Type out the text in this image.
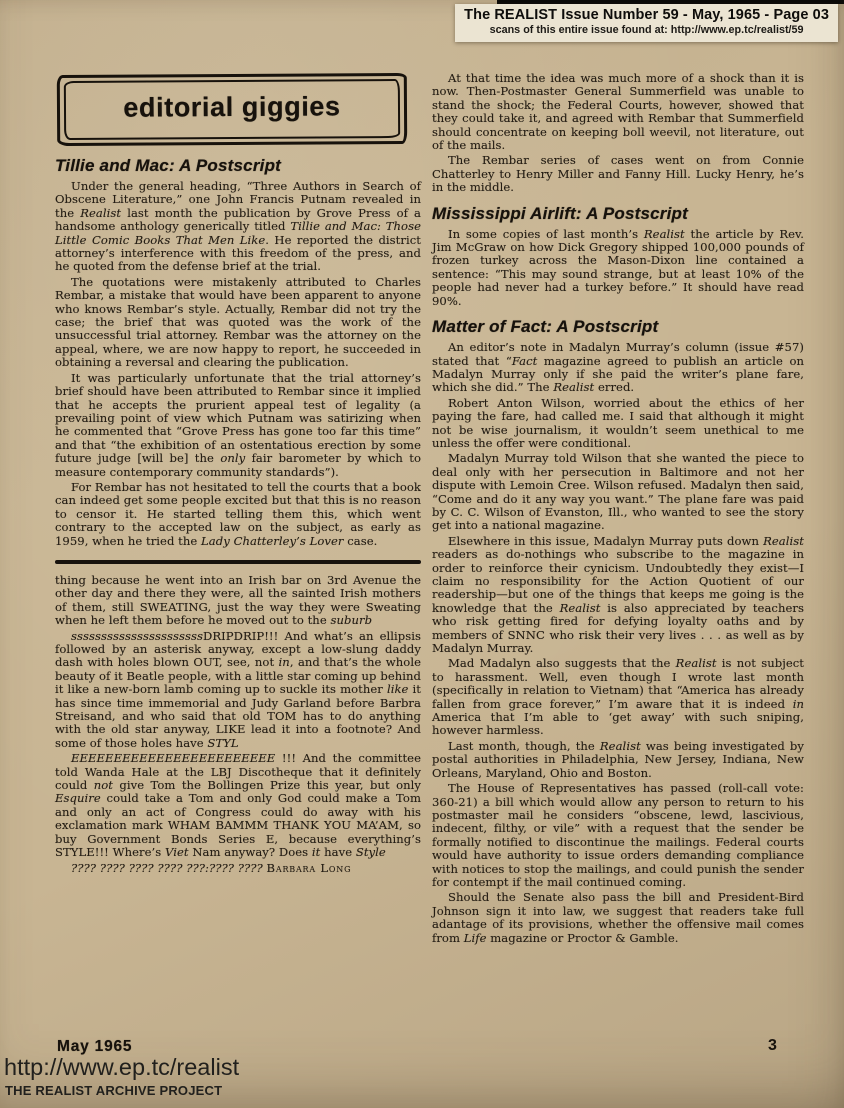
The REALIST Issue Number 59 - May, 1965 - Page 03
scans of this entire issue found at: http://www.ep.tc/realist/59
editorial giggies
Tillie and Mac: A Postscript

Under the general heading, “Three Authors in Search of Obscene Literature,” one John Francis Putnam revealed in the Realist last month the publication by Grove Press of a handsome anthology generically titled Tillie and Mac: Those Little Comic Books That Men Like. He reported the district attorney’s interference with this freedom of the press, and he quoted from the defense brief at the trial.

The quotations were mistakenly attributed to Charles Rembar, a mistake that would have been apparent to anyone who knows Rembar’s style. Actually, Rembar did not try the case; the brief that was quoted was the work of the unsuccessful trial attorney. Rembar was the attorney on the appeal, where, we are now happy to report, he succeeded in obtaining a reversal and clearing the publication.

It was particularly unfortunate that the trial attorney’s brief should have been attributed to Rembar since it implied that he accepts the prurient appeal test of legality (a prevailing point of view which Putnam was satirizing when he commented that “Grove Press has gone too far this time” and that “the exhibition of an ostentatious erection by some future judge [will be] the only fair barometer by which to measure contemporary community standards”).

For Rembar has not hesitated to tell the courts that a book can indeed get some people excited but that this is no reason to censor it. He started telling them this, which went contrary to the accepted law on the subject, as early as 1959, when he tried the Lady Chatterley’s Lover case.

thing because he went into an Irish bar on 3rd Avenue the other day and there they were, all the sainted Irish mothers of them, still SWEATING, just the way they were Sweating when he left them before he moved out to the suburb

ssssssssssssssssssssssDRIPDRIP!!! And what’s an ellipsis followed by an asterisk anyway, except a low-slung daddy dash with holes blown OUT, see, not in, and that’s the whole beauty of it Beatle people, with a little star coming up behind it like a new-born lamb coming up to suckle its mother like it has since time immemorial and Judy Garland before Barbra Streisand, and who said that old TOM has to do anything with the old star anyway, LIKE lead it into a footnote? And some of those holes have STYL

EEEEEEEEEEEEEEEEEEEEEEEE !!! And the committee told Wanda Hale at the LBJ Discotheque that it definitely could not give Tom the Bollingen Prize this year, but only Esquire could take a Tom and only God could make a Tom and only an act of Congress could do away with his exclamation mark WHAM BAMMM THANK YOU MA’AM, so buy Government Bonds Series E, because everything’s STYLE!!! Where’s Viet Nam anyway? Does it have Style

???? ???? ???? ???? ???:???? ???? Barbara Long

At that time the idea was much more of a shock than it is now. Then-Postmaster General Summerfield was unable to stand the shock; the Federal Courts, however, showed that they could take it, and agreed with Rembar that Summerfield should concentrate on keeping boll weevil, not literature, out of the mails.

The Rembar series of cases went on from Connie Chatterley to Henry Miller and Fanny Hill. Lucky Henry, he’s in the middle.

Mississippi Airlift: A Postscript

In some copies of last month’s Realist the article by Rev. Jim McGraw on how Dick Gregory shipped 100,000 pounds of frozen turkey across the Mason-Dixon line contained a sentence: “This may sound strange, but at least 10% of the people had never had a turkey before.” It should have read 90%.

Matter of Fact: A Postscript

An editor’s note in Madalyn Murray’s column (issue #57) stated that “Fact magazine agreed to publish an article on Madalyn Murray only if she paid the writer’s plane fare, which she did.” The Realist erred.

Robert Anton Wilson, worried about the ethics of her paying the fare, had called me. I said that although it might not be wise journalism, it wouldn’t seem unethical to me unless the offer were conditional.

Madalyn Murray told Wilson that she wanted the piece to deal only with her persecution in Baltimore and not her dispute with Lemoin Cree. Wilson refused. Madalyn then said, “Come and do it any way you want.” The plane fare was paid by C. C. Wilson of Evanston, Ill., who wanted to see the story get into a national magazine.

Elsewhere in this issue, Madalyn Murray puts down Realist readers as do-nothings who subscribe to the magazine in order to reinforce their cynicism. Undoubtedly they exist—I claim no responsibility for the Action Quotient of our readership—but one of the things that keeps me going is the knowledge that the Realist is also appreciated by teachers who risk getting fired for defying loyalty oaths and by members of SNNC who risk their very lives . . . as well as by Madalyn Murray.

Mad Madalyn also suggests that the Realist is not subject to harassment. Well, even though I wrote last month (specifically in relation to Vietnam) that “America has already fallen from grace forever,” I’m aware that it is indeed in America that I’m able to ‘get away’ with such sniping, however harmless.

Last month, though, the Realist was being investigated by postal authorities in Philadelphia, New Jersey, Indiana, New Orleans, Maryland, Ohio and Boston.

The House of Representatives has passed (roll-call vote: 360-21) a bill which would allow any person to return to his postmaster mail he considers “obscene, lewd, lascivious, indecent, filthy, or vile” with a request that the sender be formally notified to discontinue the mailings. Federal courts would have authority to issue orders demanding compliance with notices to stop the mailings, and could punish the sender for contempt if the mail continued coming.

Should the Senate also pass the bill and President-Bird Johnson sign it into law, we suggest that readers take full adantage of its provisions, whether the offensive mail comes from Life magazine or Proctor & Gamble.

May 1965	3
http://www.ep.tc/realist
THE REALIST ARCHIVE PROJECT
